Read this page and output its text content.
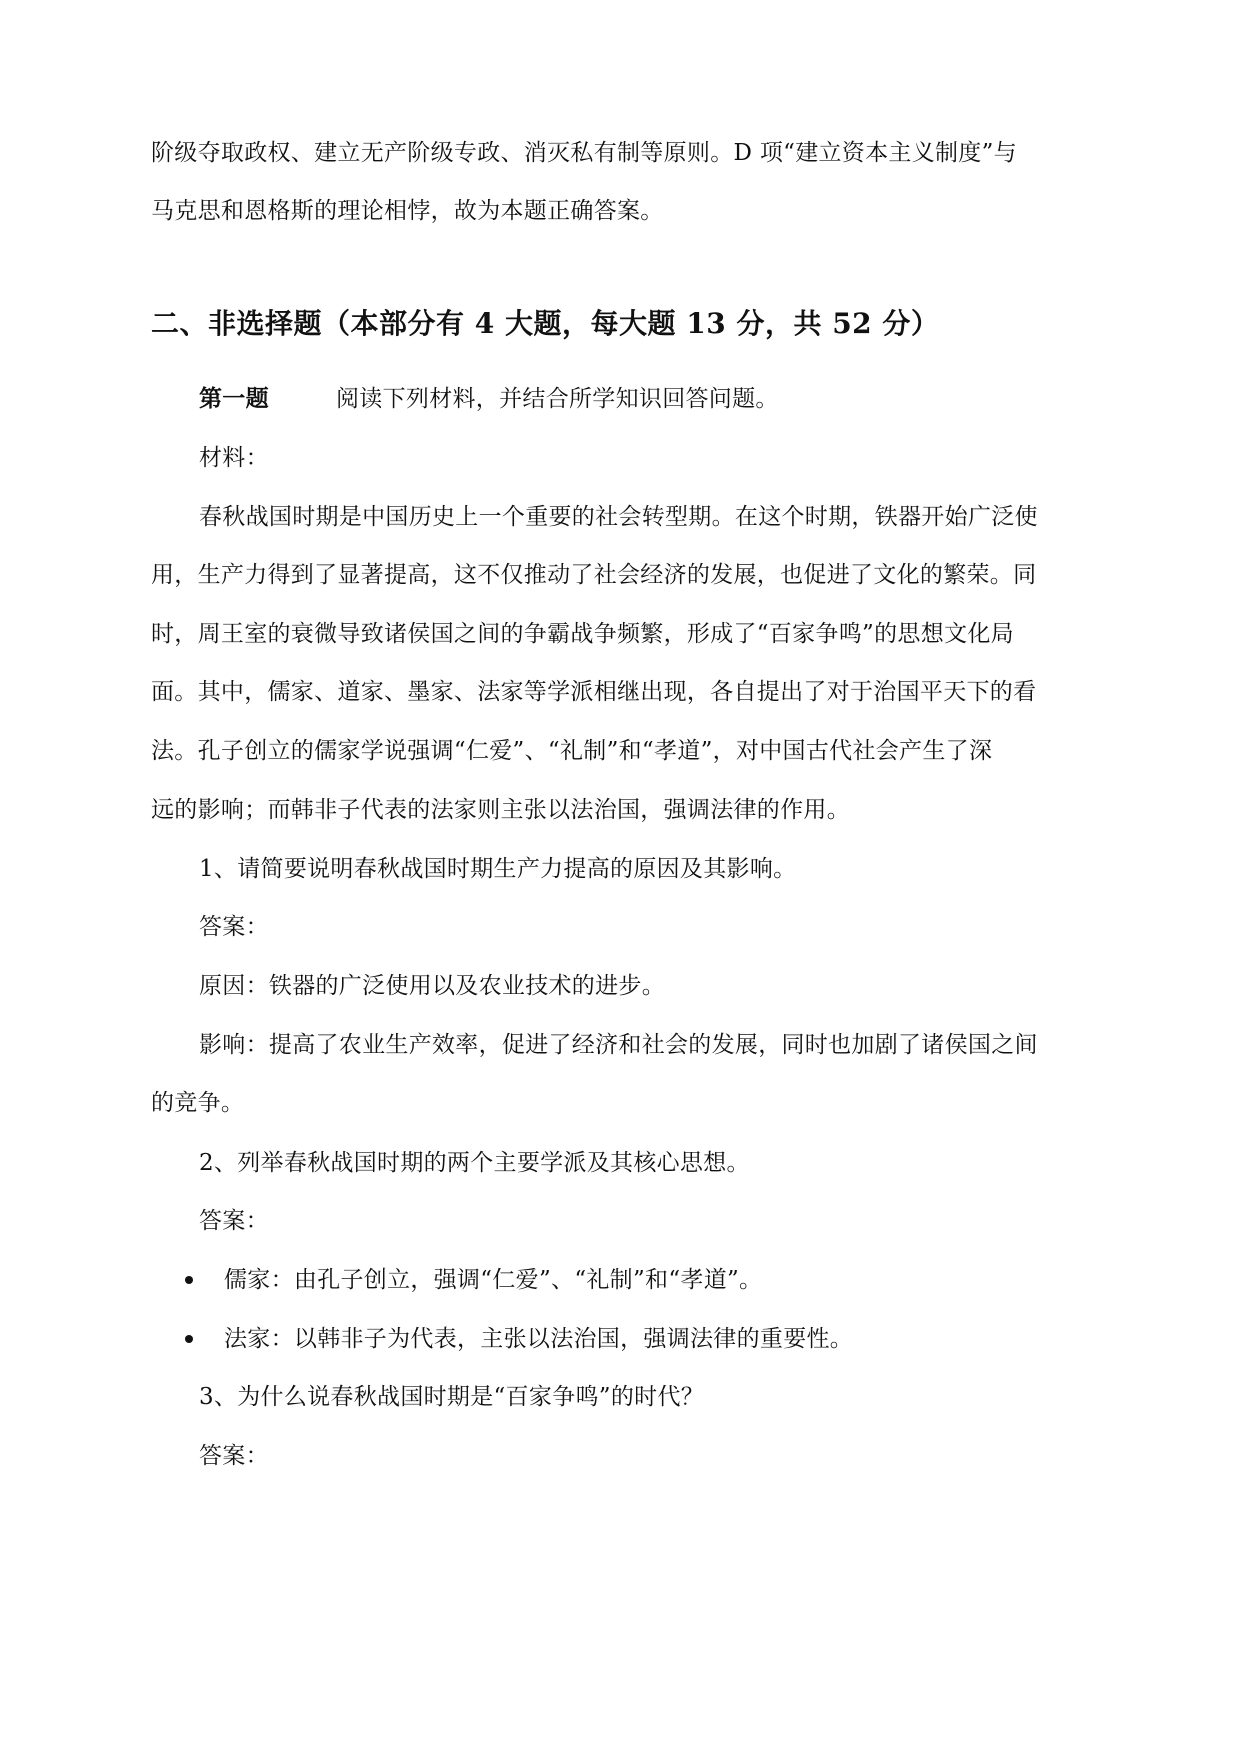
阶级夺取政权、建立无产阶级专政、消灭私有制等原则。D 项“建立资本主义制度”与
马克思和恩格斯的理论相悖，故为本题正确答案。
二、非选择题（本部分有 4 大题，每大题 13 分，共 52 分）
第一题	阅读下列材料，并结合所学知识回答问题。
材料：
春秋战国时期是中国历史上一个重要的社会转型期。在这个时期，铁器开始广泛使
用，生产力得到了显著提高，这不仅推动了社会经济的发展，也促进了文化的繁荣。同
时，周王室的衰微导致诸侯国之间的争霸战争频繁，形成了“百家争鸣”的思想文化局
面。其中，儒家、道家、墨家、法家等学派相继出现，各自提出了对于治国平天下的看
法。孔子创立的儒家学说强调“仁爱”、“礼制”和“孝道”，对中国古代社会产生了深
远的影响；而韩非子代表的法家则主张以法治国，强调法律的作用。
1、请简要说明春秋战国时期生产力提高的原因及其影响。
答案：
原因：铁器的广泛使用以及农业技术的进步。
影响：提高了农业生产效率，促进了经济和社会的发展，同时也加剧了诸侯国之间
的竞争。
2、列举春秋战国时期的两个主要学派及其核心思想。
答案：
儒家：由孔子创立，强调“仁爱”、“礼制”和“孝道”。
法家：以韩非子为代表，主张以法治国，强调法律的重要性。
3、为什么说春秋战国时期是“百家争鸣”的时代？
答案：
